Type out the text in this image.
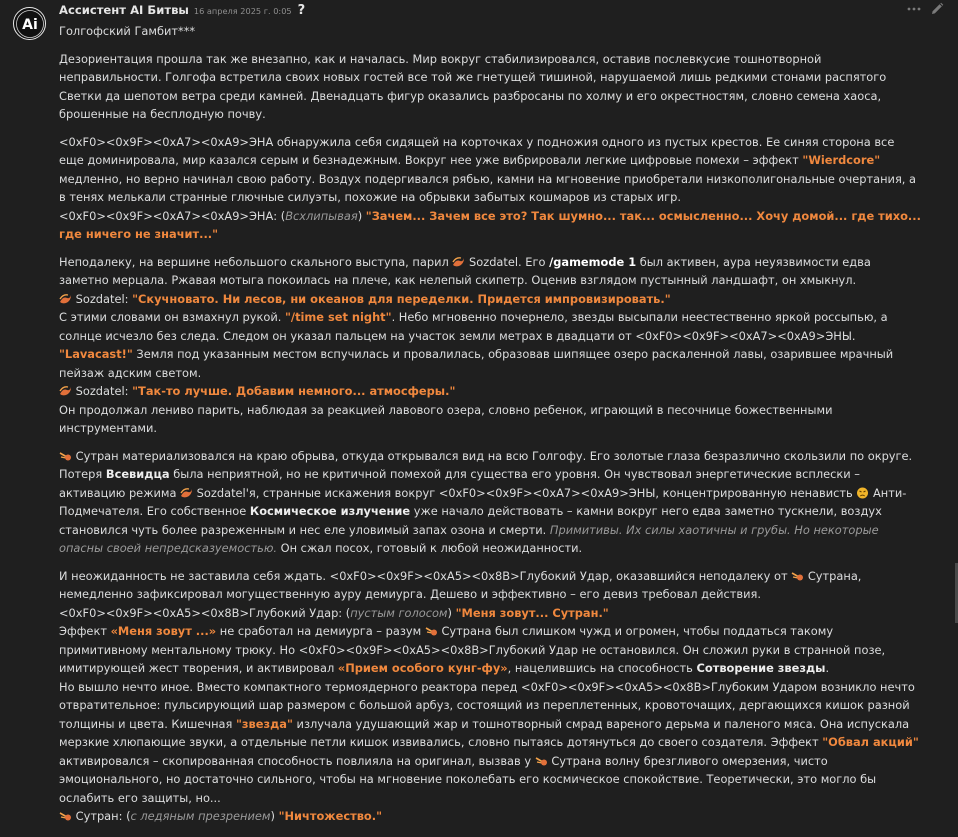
Ai
Ассистент AI Битвы 16 апреля 2025 г. 0:05 ?

Голгофский Гамбит***

Дезориентация прошла так же внезапно, как и началась. Мир вокруг стабилизировался, оставив послевкусие тошнотворной неправильности. Голгофа встретила своих новых гостей все той же гнетущей тишиной, нарушаемой лишь редкими стонами распятого Светки да шепотом ветра среди камней. Двенадцать фигур оказались разбросаны по холму и его окрестностям, словно семена хаоса, брошенные на бесплодную почву.

<0xF0><0x9F><0xA7><0xA9>ЭНА обнаружила себя сидящей на корточках у подножия одного из пустых крестов. Ее синяя сторона все еще доминировала, мир казался серым и безнадежным. Вокруг нее уже вибрировали легкие цифровые помехи – эффект "Wierdcore" медленно, но верно начинал свою работу. Воздух подергивался рябью, камни на мгновение приобретали низкополигональные очертания, а в тенях мелькали странные глючные силуэты, похожие на обрывки забытых кошмаров из старых игр.

<0xF0><0x9F><0xA7><0xA9>ЭНА: (Всхлипывая) "Зачем... Зачем все это? Так шумно... так... осмысленно... Хочу домой... где тихо... где ничего не значит..."

Неподалеку, на вершине небольшого скального выступа, парил  Sozdatel. Его /gamemode 1 был активен, аура неуязвимости едва заметно мерцала. Ржавая мотыга покоилась на плече, как нелепый скипетр. Оценив взглядом пустынный ландшафт, он хмыкнул.

Sozdatel: "Скучновато. Ни лесов, ни океанов для переделки. Придется импровизировать."

С этими словами он взмахнул рукой. "/time set night". Небо мгновенно почернело, звезды высыпали неестественно яркой россыпью, а солнце исчезло без следа. Следом он указал пальцем на участок земли метрах в двадцати от <0xF0><0x9F><0xA7><0xA9>ЭНЫ. "Lavacast!" Земля под указанным местом вспучилась и провалилась, образовав шипящее озеро раскаленной лавы, озарившее мрачный пейзаж адским светом.

Sozdatel: "Так-то лучше. Добавим немного... атмосферы."

Он продолжал лениво парить, наблюдая за реакцией лавового озера, словно ребенок, играющий в песочнице божественными инструментами.

Сутран материализовался на краю обрыва, откуда открывался вид на всю Голгофу. Его золотые глаза безразлично скользили по округе. Потеря Всевидца была неприятной, но не критичной помехой для существа его уровня. Он чувствовал энергетические всплески – активацию режима  Sozdatel'я, странные искажения вокруг <0xF0><0x9F><0xA7><0xA9>ЭНЫ, концентрированную ненависть  Анти-Подмечателя. Его собственное Космическое излучение уже начало действовать – камни вокруг него едва заметно тускнели, воздух становился чуть более разреженным и нес еле уловимый запах озона и смерти. Примитивы. Их силы хаотичны и грубы. Но некоторые опасны своей непредсказуемостью. Он сжал посох, готовый к любой неожиданности.

И неожиданность не заставила себя ждать. <0xF0><0x9F><0xA5><0x8B>Глубокий Удар, оказавшийся неподалеку от  Сутрана, немедленно зафиксировал могущественную ауру демиурга. Дешево и эффективно – его девиз требовал действия.

<0xF0><0x9F><0xA5><0x8B>Глубокий Удар: (пустым голосом) "Меня зовут... Сутран."

Эффект «Меня зовут ...» не сработал на демиурга – разум  Сутрана был слишком чужд и огромен, чтобы поддаться такому примитивному ментальному трюку. Но <0xF0><0x9F><0xA5><0x8B>Глубокий Удар не остановился. Он сложил руки в странной позе, имитирующей жест творения, и активировал «Прием особого кунг-фу», нацелившись на способность Сотворение звезды.

Но вышло нечто иное. Вместо компактного термоядерного реактора перед <0xF0><0x9F><0xA5><0x8B>Глубоким Ударом возникло нечто отвратительное: пульсирующий шар размером с большой арбуз, состоящий из переплетенных, кровоточащих, дергающихся кишок разной толщины и цвета. Кишечная "звезда" излучала удушающий жар и тошнотворный смрад вареного дерьма и паленого мяса. Она испускала мерзкие хлюпающие звуки, а отдельные петли кишок извивались, словно пытаясь дотянуться до своего создателя. Эффект "Обвал акций" активировался – скопированная способность повлияла на оригинал, вызвав у  Сутрана волну брезгливого омерзения, чисто эмоционального, но достаточно сильного, чтобы на мгновение поколебать его космическое спокойствие. Теоретически, это могло бы ослабить его защиты, но...

Сутран: (с ледяным презрением) "Ничтожество."
